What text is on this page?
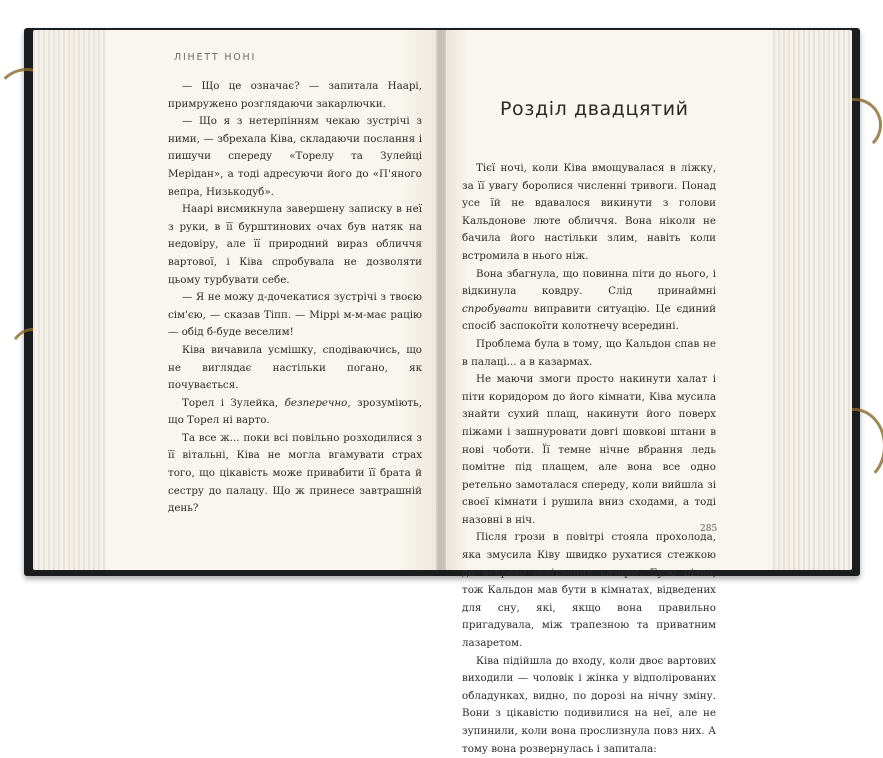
ЛІНЕТТ НОНІ

— Що це означає? — запитала Наарі, примружено розглядаючи закарлючки.

— Що я з нетерпінням чекаю зустрічі з ними, — збрехала Ківа, складаючи послання і пишучи спереду «Торелу та Зулейці Мерідан», а тоді адресуючи його до «П'яного вепра, Низькодуб».

Наарі висмикнула завершену записку в неї з руки, в її бурштинових очах був натяк на недовіру, але її природний вираз обличчя вартової, і Ківа спробувала не дозволяти цьому турбувати себе.

— Я не можу д-дочекатися зустрічі з твоєю сім'єю, — сказав Тіпп. — Міррі м-м-має рацію — обід б-буде веселим!

Ківа вичавила усмішку, сподіваючись, що не виглядає настільки погано, як почувається.

Торел і Зулейка, безперечно, зрозуміють, що Торел ні варто.

Та все ж... поки всі повільно розходилися з її вітальні, Ківа не могла вгамувати страх того, що цікавість може привабити її брата й сестру до палацу. Що ж принесе завтрашній день?

Розділ двадцятий

Тієї ночі, коли Ківа вмощувалася в ліжку, за її увагу боролися численні тривоги. Понад усе їй не вдавалося викинути з голови Кальдонове люте обличчя. Вона ніколи не бачила його настільки злим, навіть коли встромила в нього ніж.

Вона збагнула, що повинна піти до нього, і відкинула ковдру. Слід принаймні спробувати виправити ситуацію. Це єдиний спосіб заспокоїти колотнечу всередині.

Проблема була в тому, що Кальдон спав не в палаці... а в казармах.

Не маючи змоги просто накинути халат і піти коридором до його кімнати, Ківа мусила знайти сухий плащ, накинути його поверх піжами і зашнуровати довгі шовкові штани в нові чоботи. Її темне нічне вбрання ледь помітне під плащем, але вона все одно ретельно замоталася спереду, коли вийшла зі своєї кімнати і рушила вниз сходами, а тоді назовні в ніч.

Після грози в повітрі стояла прохолода, яка змусила Ківу швидко рухатися стежкою до яскраво освітлених казарм. Було пізно, тож Кальдон мав бути в кімнатах, відведених для сну, які, якщо вона правильно пригадувала, між трапезною та приватним лазаретом.

Ківа підійшла до входу, коли двоє вартових виходили — чоловік і жінка у відполірованих обладунках, видно, по дорозі на нічну зміну. Вони з цікавістю подивилися на неї, але не зупинили, коли вона прослизнула повз них. А тому вона розвернулась і запитала:

285
